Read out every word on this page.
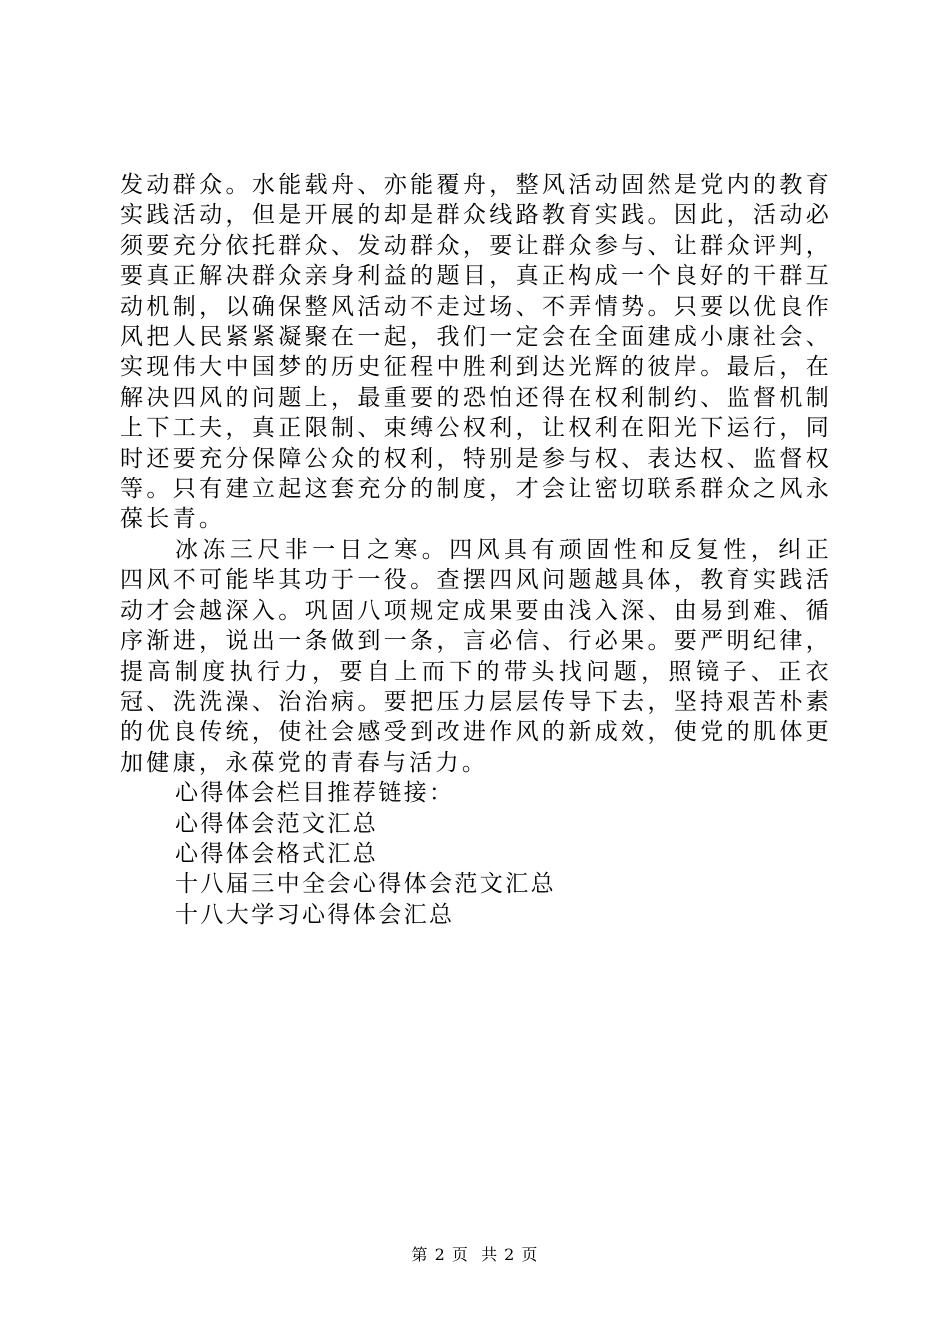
发动群众。水能载舟、亦能覆舟，整风活动固然是党内的教育实践活动，但是开展的却是群众线路教育实践。因此，活动必须要充分依托群众、发动群众，要让群众参与、让群众评判，要真正解决群众亲身利益的题目，真正构成一个良好的干群互动机制，以确保整风活动不走过场、不弄情势。只要以优良作风把人民紧紧凝聚在一起，我们一定会在全面建成小康社会、实现伟大中国梦的历史征程中胜利到达光辉的彼岸。最后，在解决四风的问题上，最重要的恐怕还得在权利制约、监督机制上下工夫，真正限制、束缚公权利，让权利在阳光下运行，同时还要充分保障公众的权利，特别是参与权、表达权、监督权等。只有建立起这套充分的制度，才会让密切联系群众之风永葆长青。

冰冻三尺非一日之寒。四风具有顽固性和反复性，纠正四风不可能毕其功于一役。查摆四风问题越具体，教育实践活动才会越深入。巩固八项规定成果要由浅入深、由易到难、循序渐进，说出一条做到一条，言必信、行必果。要严明纪律，提高制度执行力，要自上而下的带头找问题，照镜子、正衣冠、洗洗澡、治治病。要把压力层层传导下去，坚持艰苦朴素的优良传统，使社会感受到改进作风的新成效，使党的肌体更加健康，永葆党的青春与活力。

心得体会栏目推荐链接：
心得体会范文汇总
心得体会格式汇总
十八届三中全会心得体会范文汇总
十八大学习心得体会汇总
第 2 页  共 2 页
